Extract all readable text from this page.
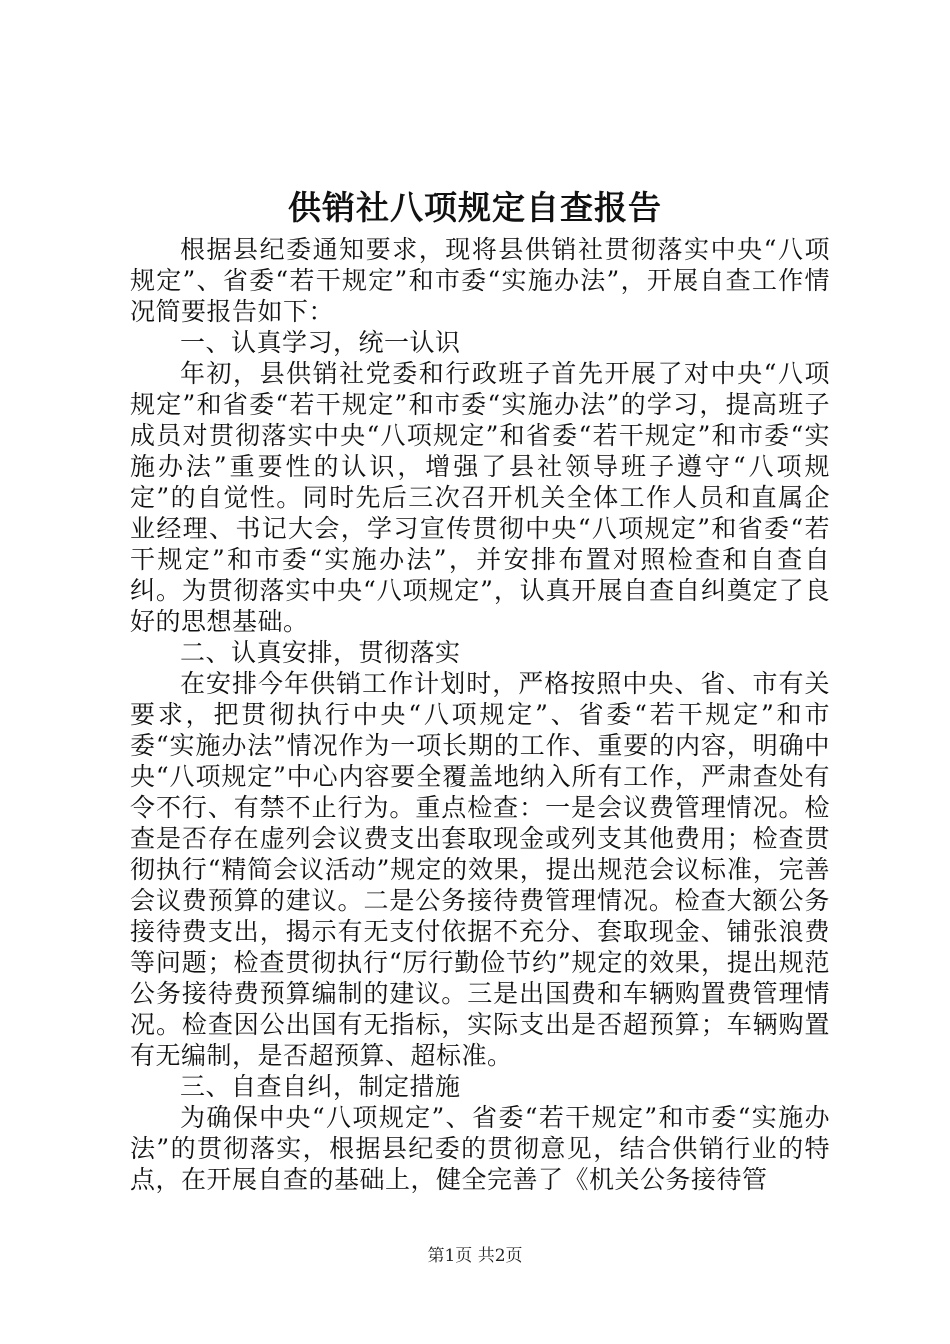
供销社八项规定自查报告

根据县纪委通知要求，现将县供销社贯彻落实中央“八项规定”、省委“若干规定”和市委“实施办法”，开展自查工作情况简要报告如下：

一、认真学习，统一认识

年初，县供销社党委和行政班子首先开展了对中央“八项规定”和省委“若干规定”和市委“实施办法”的学习，提高班子成员对贯彻落实中央“八项规定”和省委“若干规定”和市委“实施办法”重要性的认识，增强了县社领导班子遵守“八项规定”的自觉性。同时先后三次召开机关全体工作人员和直属企业经理、书记大会，学习宣传贯彻中央“八项规定”和省委“若干规定”和市委“实施办法”，并安排布置对照检查和自查自纠。为贯彻落实中央“八项规定”，认真开展自查自纠奠定了良好的思想基础。

二、认真安排，贯彻落实

在安排今年供销工作计划时，严格按照中央、省、市有关要求，把贯彻执行中央“八项规定”、省委“若干规定”和市委“实施办法”情况作为一项长期的工作、重要的内容，明确中央“八项规定”中心内容要全覆盖地纳入所有工作，严肃查处有令不行、有禁不止行为。重点检查：一是会议费管理情况。检查是否存在虚列会议费支出套取现金或列支其他费用；检查贯彻执行“精简会议活动”规定的效果，提出规范会议标准，完善会议费预算的建议。二是公务接待费管理情况。检查大额公务接待费支出，揭示有无支付依据不充分、套取现金、铺张浪费等问题；检查贯彻执行“厉行勤俭节约”规定的效果，提出规范公务接待费预算编制的建议。三是出国费和车辆购置费管理情况。检查因公出国有无指标，实际支出是否超预算；车辆购置有无编制，是否超预算、超标准。

三、自查自纠，制定措施

为确保中央“八项规定”、省委“若干规定”和市委“实施办法”的贯彻落实，根据县纪委的贯彻意见，结合供销行业的特点，在开展自查的基础上，健全完善了《机关公务接待管

第1页 共2页
